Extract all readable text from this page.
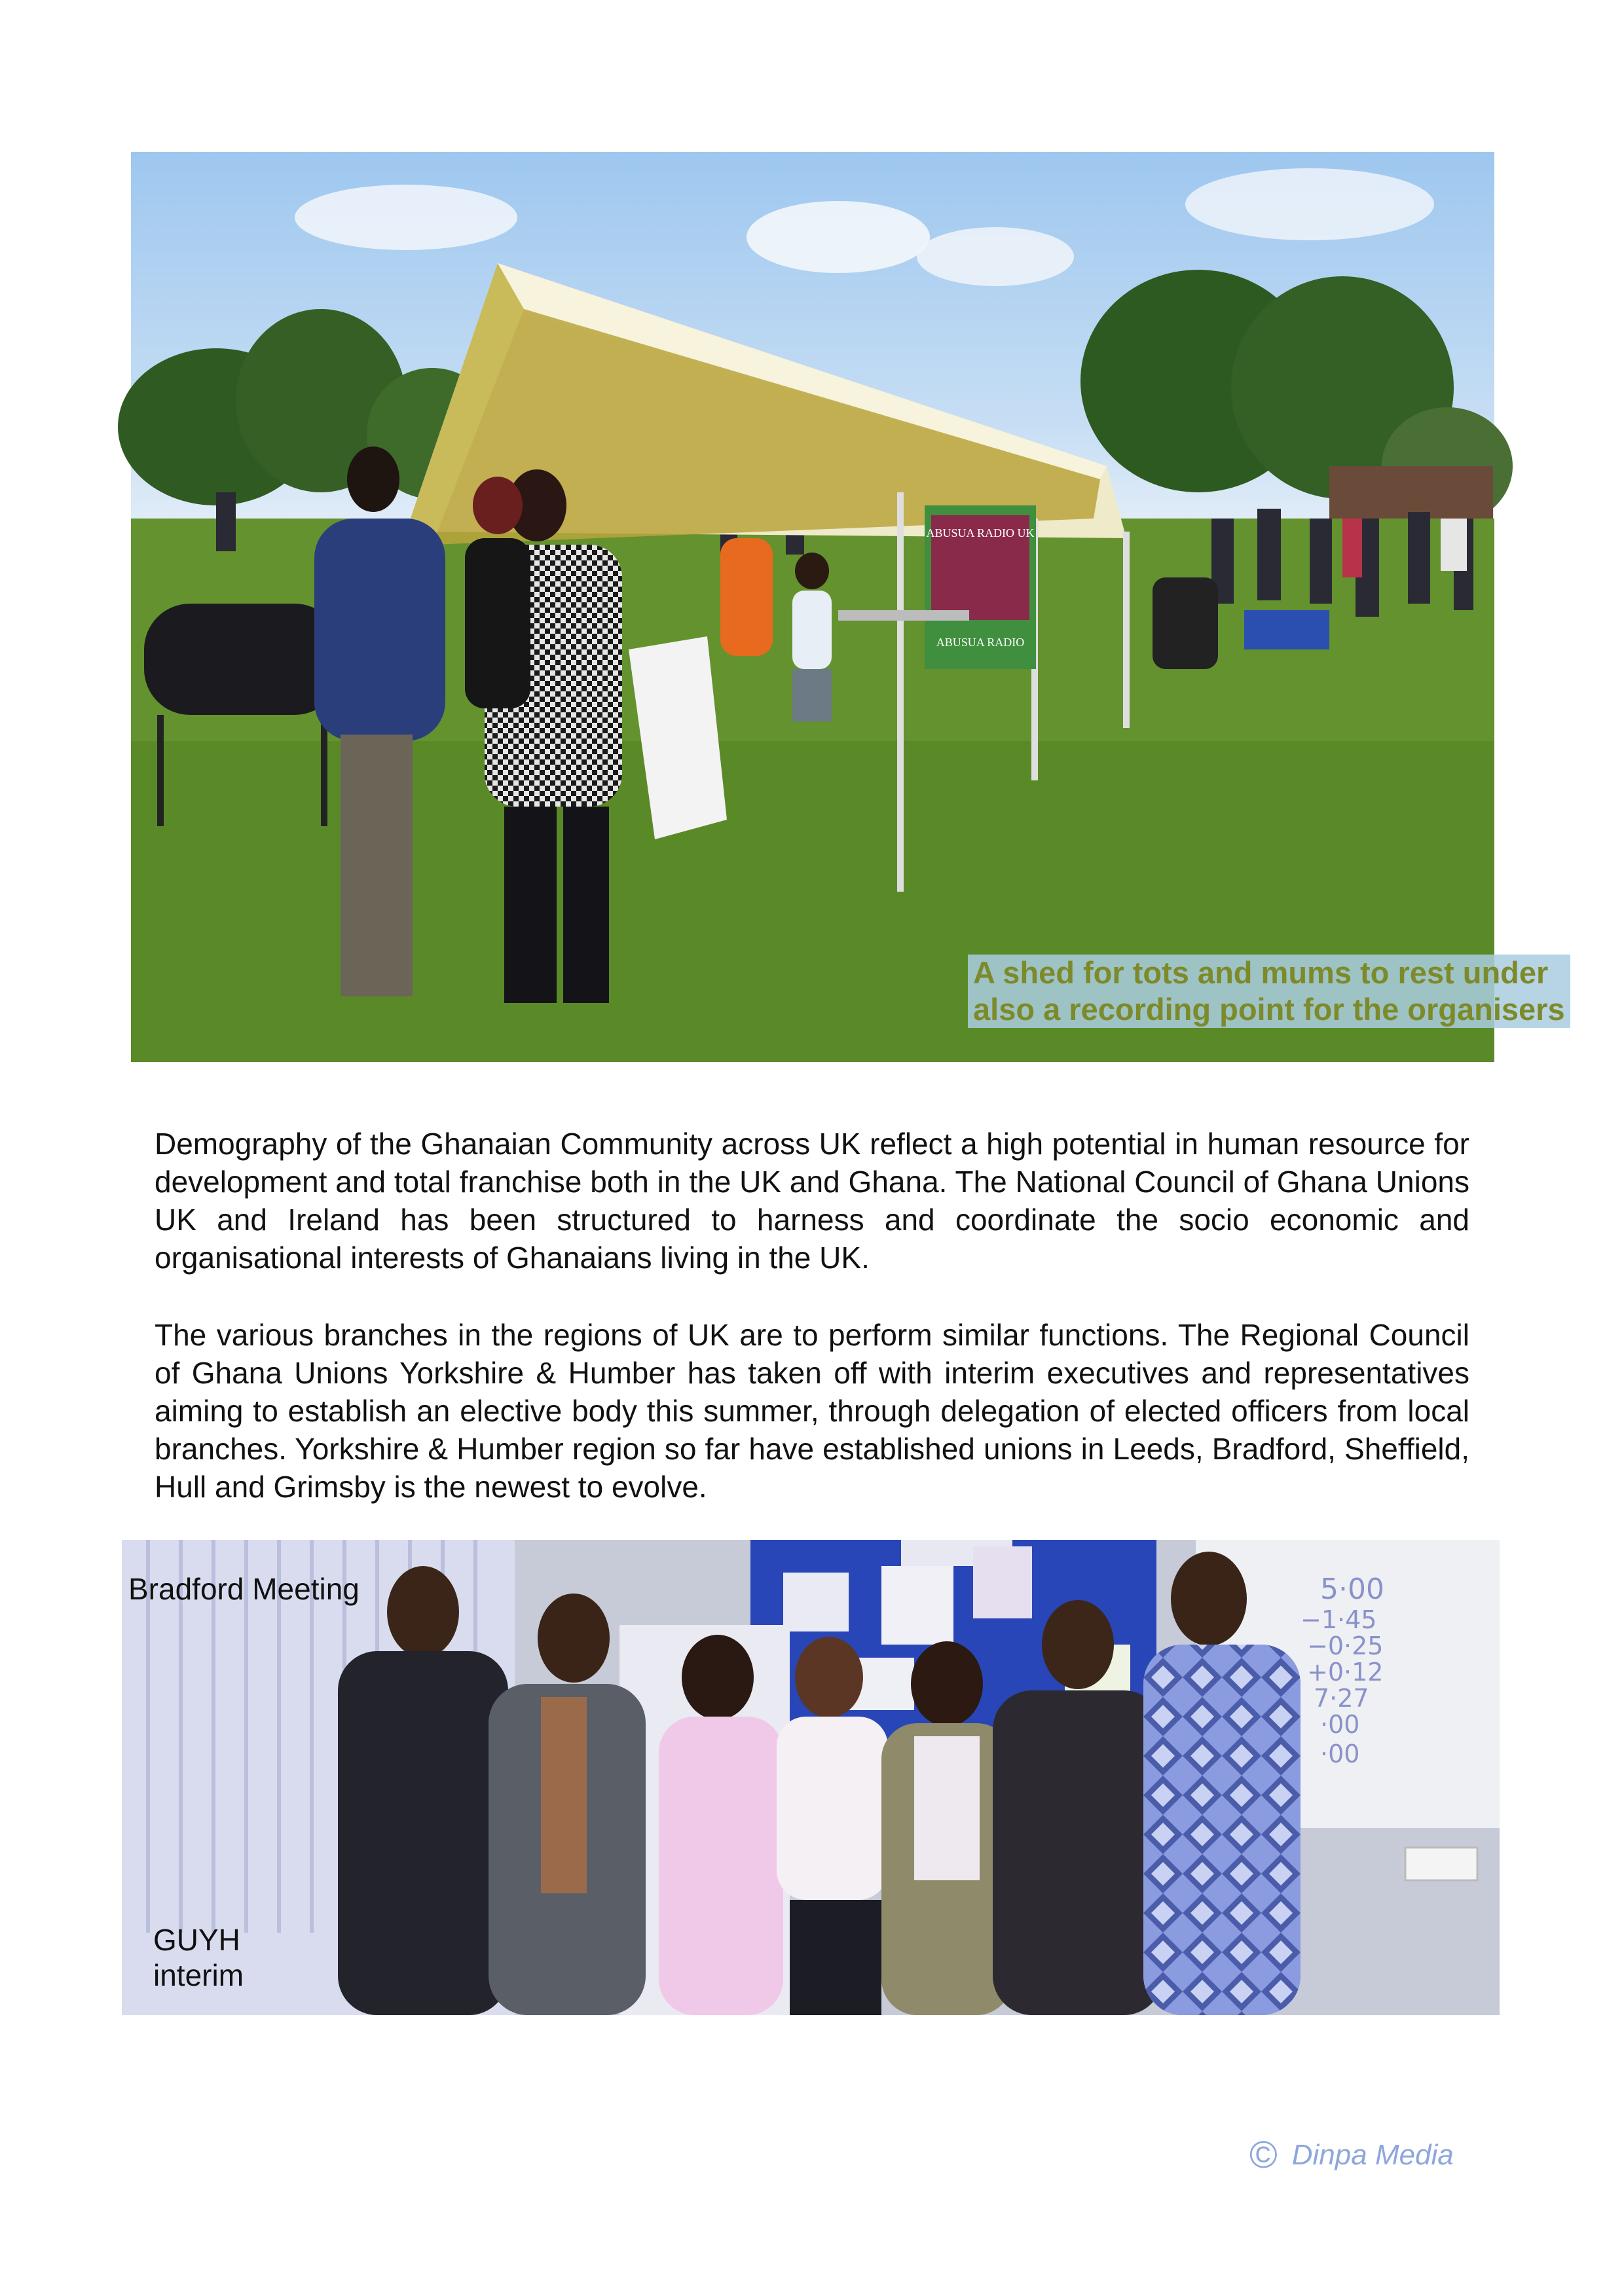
ABUSUA RADIO UK
ABUSUA RADIO
A shed for tots and mums to rest under
also a recording point for the organisers

Demography of the Ghanaian Community across UK reflect a high potential in human resource for development and total franchise both in the UK and Ghana. The National Council of Ghana Unions UK and Ireland has been structured to harness and coordinate the socio economic and organisational interests of Ghanaians living in the UK.

The various branches in the regions of UK are to perform similar functions. The Regional Council of Ghana Unions Yorkshire & Humber has taken off with interim executives and representatives aiming to establish an elective body this summer, through delegation of elected officers from local branches. Yorkshire & Humber region so far have established unions in Leeds, Bradford, Sheffield, Hull and Grimsby is the newest to evolve.

5·00
−1·45
−0·25
+0·12
7·27
·00
·00
Bradford Meeting
GUYH
interim
© Dinpa Media
